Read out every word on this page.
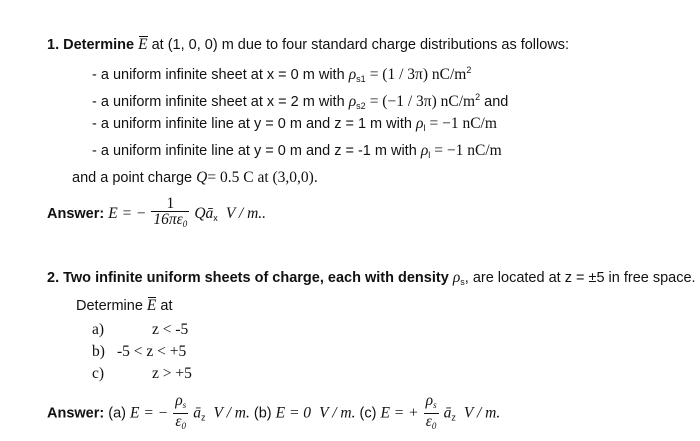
1. Determine E at (1, 0, 0) m due to four standard charge distributions as follows:
- a uniform infinite sheet at x = 0 m with $\rho_{s1} = (1 / 3\pi)$ $nC/m^2$
- a uniform infinite sheet at x = 2 m with $\rho_{s2} = (-1 / 3\pi)$ $nC/m^2$ and
- a uniform infinite line at y = 0 m and z = 1 m with $\rho_l = -1$ nC/m
- a uniform infinite line at y = 0 m and z = -1 m with $\rho_l = -1$ nC/m
and a point charge Q= 0.5 C at (3,0,0).
Answer: E = − $\frac{1}{16\pi\varepsilon_0}$ $Qā_x$ V / m..
2. Two infinite uniform sheets of charge, each with density $\rho_s$, are located at z = ±5 in free space.
Determine E at
a)	z < -5
b) -5 < z < +5
c)	z > +5
Answer: (a) E = − $\frac{\rho_s}{\varepsilon_0}$ $ā_z$ V / m. (b) E = 0 V / m. (c) E = + $\frac{\rho_s}{\varepsilon_0}$ $ā_z$ V / m.
